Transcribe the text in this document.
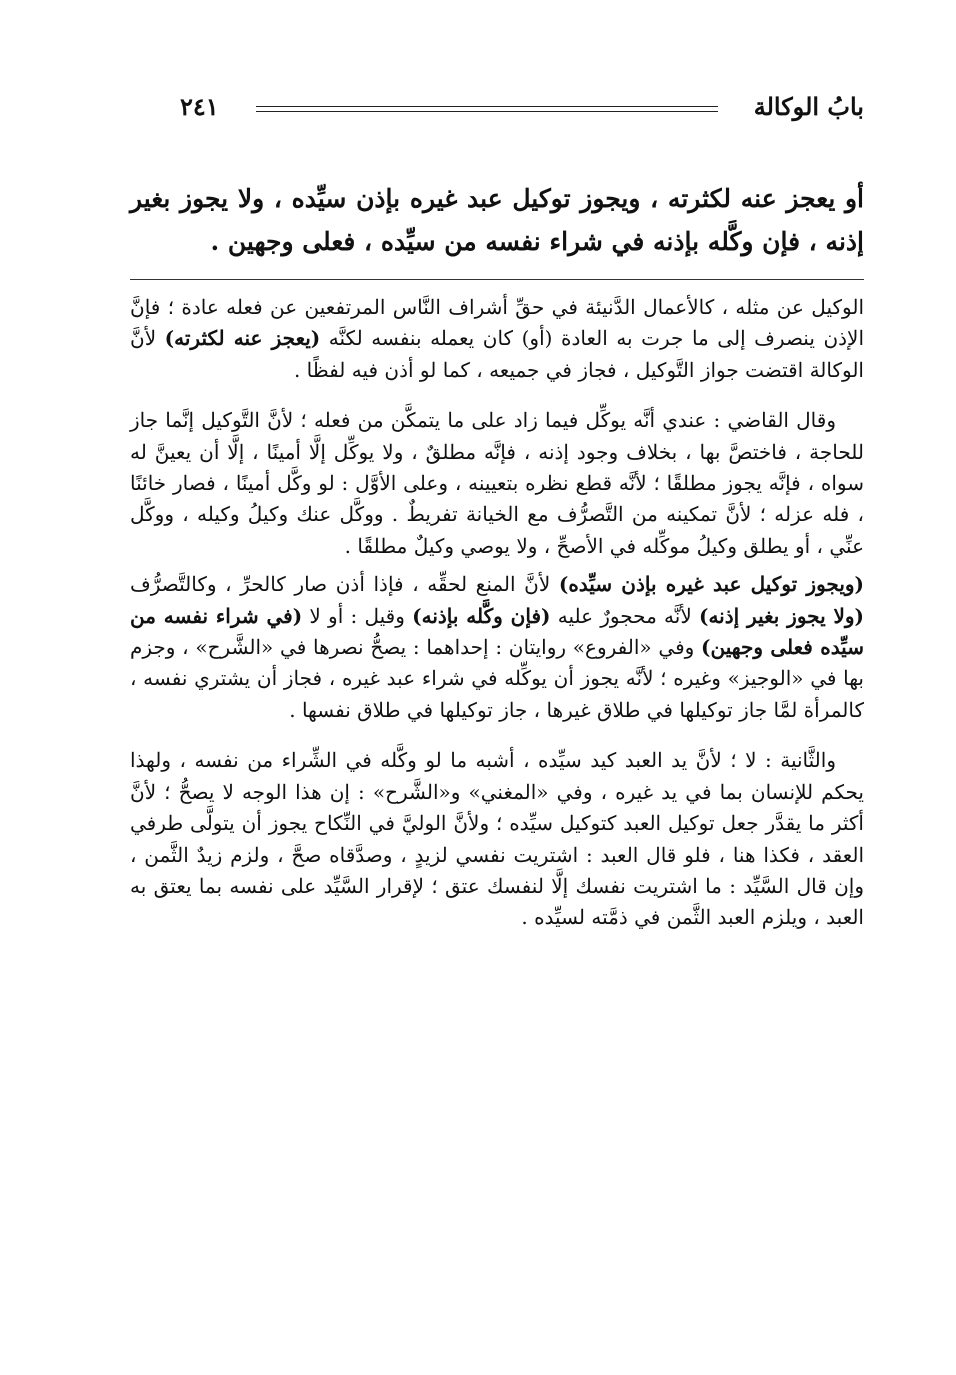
بابُ الوكالة
٢٤١

أو يعجز عنه لكثرته ، ويجوز توكيل عبد غيره بإذن سيِّده ، ولا يجوز بغير إذنه ، فإن وكَّله بإذنه في شراء نفسه من سيِّده ، فعلى وجهين .

الوكيل عن مثله ، كالأعمال الدَّنيئة في حقِّ أشراف النَّاس المرتفعين عن فعله عادة ؛ فإنَّ الإذن ينصرف إلى ما جرت به العادة (أو) كان يعمله بنفسه لكنَّه (يعجز عنه لكثرته) لأنَّ الوكالة اقتضت جواز التَّوكيل ، فجاز في جميعه ، كما لو أذن فيه لفظًا .

وقال القاضي : عندي أنَّه يوكِّل فيما زاد على ما يتمكَّن من فعله ؛ لأنَّ التَّوكيل إنَّما جاز للحاجة ، فاختصَّ بها ، بخلاف وجود إذنه ، فإنَّه مطلقٌ ، ولا يوكِّل إلَّا أمينًا ، إلَّا أن يعينَّ له سواه ، فإنَّه يجوز مطلقًا ؛ لأنَّه قطع نظره بتعيينه ، وعلى الأوَّل : لو وكَّل أمينًا ، فصار خائنًا ، فله عزله ؛ لأنَّ تمكينه من التَّصرُّف مع الخيانة تفريطٌ . ووكَّل عنك وكيلُ وكيله ، ووكَّل عنِّي ، أو يطلق وكيلُ موكِّله في الأصحِّ ، ولا يوصي وكيلٌ مطلقًا .

(ويجوز توكيل عبد غيره بإذن سيِّده) لأنَّ المنع لحقِّه ، فإذا أذن صار كالحرِّ ، وكالتَّصرُّف (ولا يجوز بغير إذنه) لأنَّه محجورٌ عليه (فإن وكَّله بإذنه) وقيل : أو لا (في شراء نفسه من سيِّده فعلى وجهين) وفي «الفروع» روايتان : إحداهما : يصحُّ نصرها في «الشَّرح» ، وجزم بها في «الوجيز» وغيره ؛ لأنَّه يجوز أن يوكِّله في شراء عبد غيره ، فجاز أن يشتري نفسه ، كالمرأة لمَّا جاز توكيلها في طلاق غيرها ، جاز توكيلها في طلاق نفسها .

والثَّانية : لا ؛ لأنَّ يد العبد كيد سيِّده ، أشبه ما لو وكَّله في الشِّراء من نفسه ، ولهذا يحكم للإنسان بما في يد غيره ، وفي «المغني» و«الشَّرح» : إن هذا الوجه لا يصحُّ ؛ لأنَّ أكثر ما يقدَّر جعل توكيل العبد كتوكيل سيِّده ؛ ولأنَّ الوليَّ في النِّكاح يجوز أن يتولَّى طرفي العقد ، فكذا هنا ، فلو قال العبد : اشتريت نفسي لزيدٍ ، وصدَّقاه صحَّ ، ولزم زيدٌ الثَّمن ، وإن قال السَّيِّد : ما اشتريت نفسك إلَّا لنفسك عتق ؛ لإقرار السَّيِّد على نفسه بما يعتق به العبد ، ويلزم العبد الثَّمن في ذمَّته لسيِّده .
